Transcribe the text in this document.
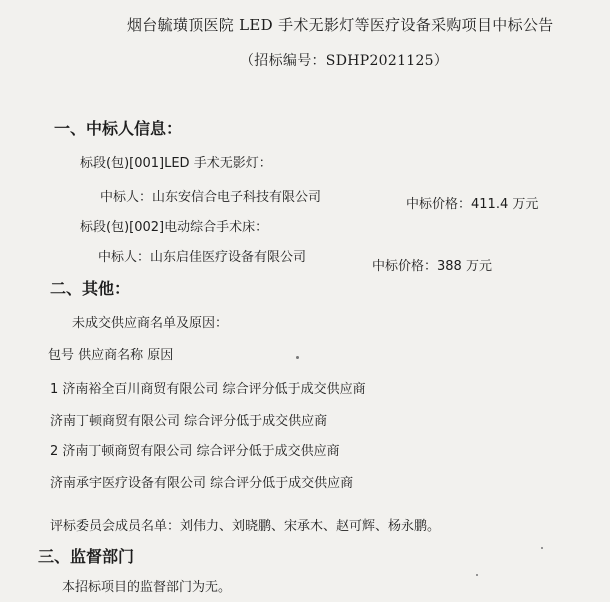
烟台毓璜顶医院 LED 手术无影灯等医疗设备采购项目中标公告
（招标编号：SDHP2021125）
一、中标人信息：
标段(包)[001]LED 手术无影灯：
中标人：山东安信合电子科技有限公司	中标价格：411.4 万元
标段(包)[002]电动综合手术床：
中标人：山东启佳医疗设备有限公司
中标价格：388 万元
二、其他：
未成交供应商名单及原因：
包号 供应商名称 原因
1 济南裕全百川商贸有限公司 综合评分低于成交供应商
济南丁顿商贸有限公司 综合评分低于成交供应商
2 济南丁顿商贸有限公司 综合评分低于成交供应商
济南承宇医疗设备有限公司 综合评分低于成交供应商
评标委员会成员名单：刘伟力、刘晓鹏、宋承木、赵可辉、杨永鹏。
三、监督部门
本招标项目的监督部门为无。
